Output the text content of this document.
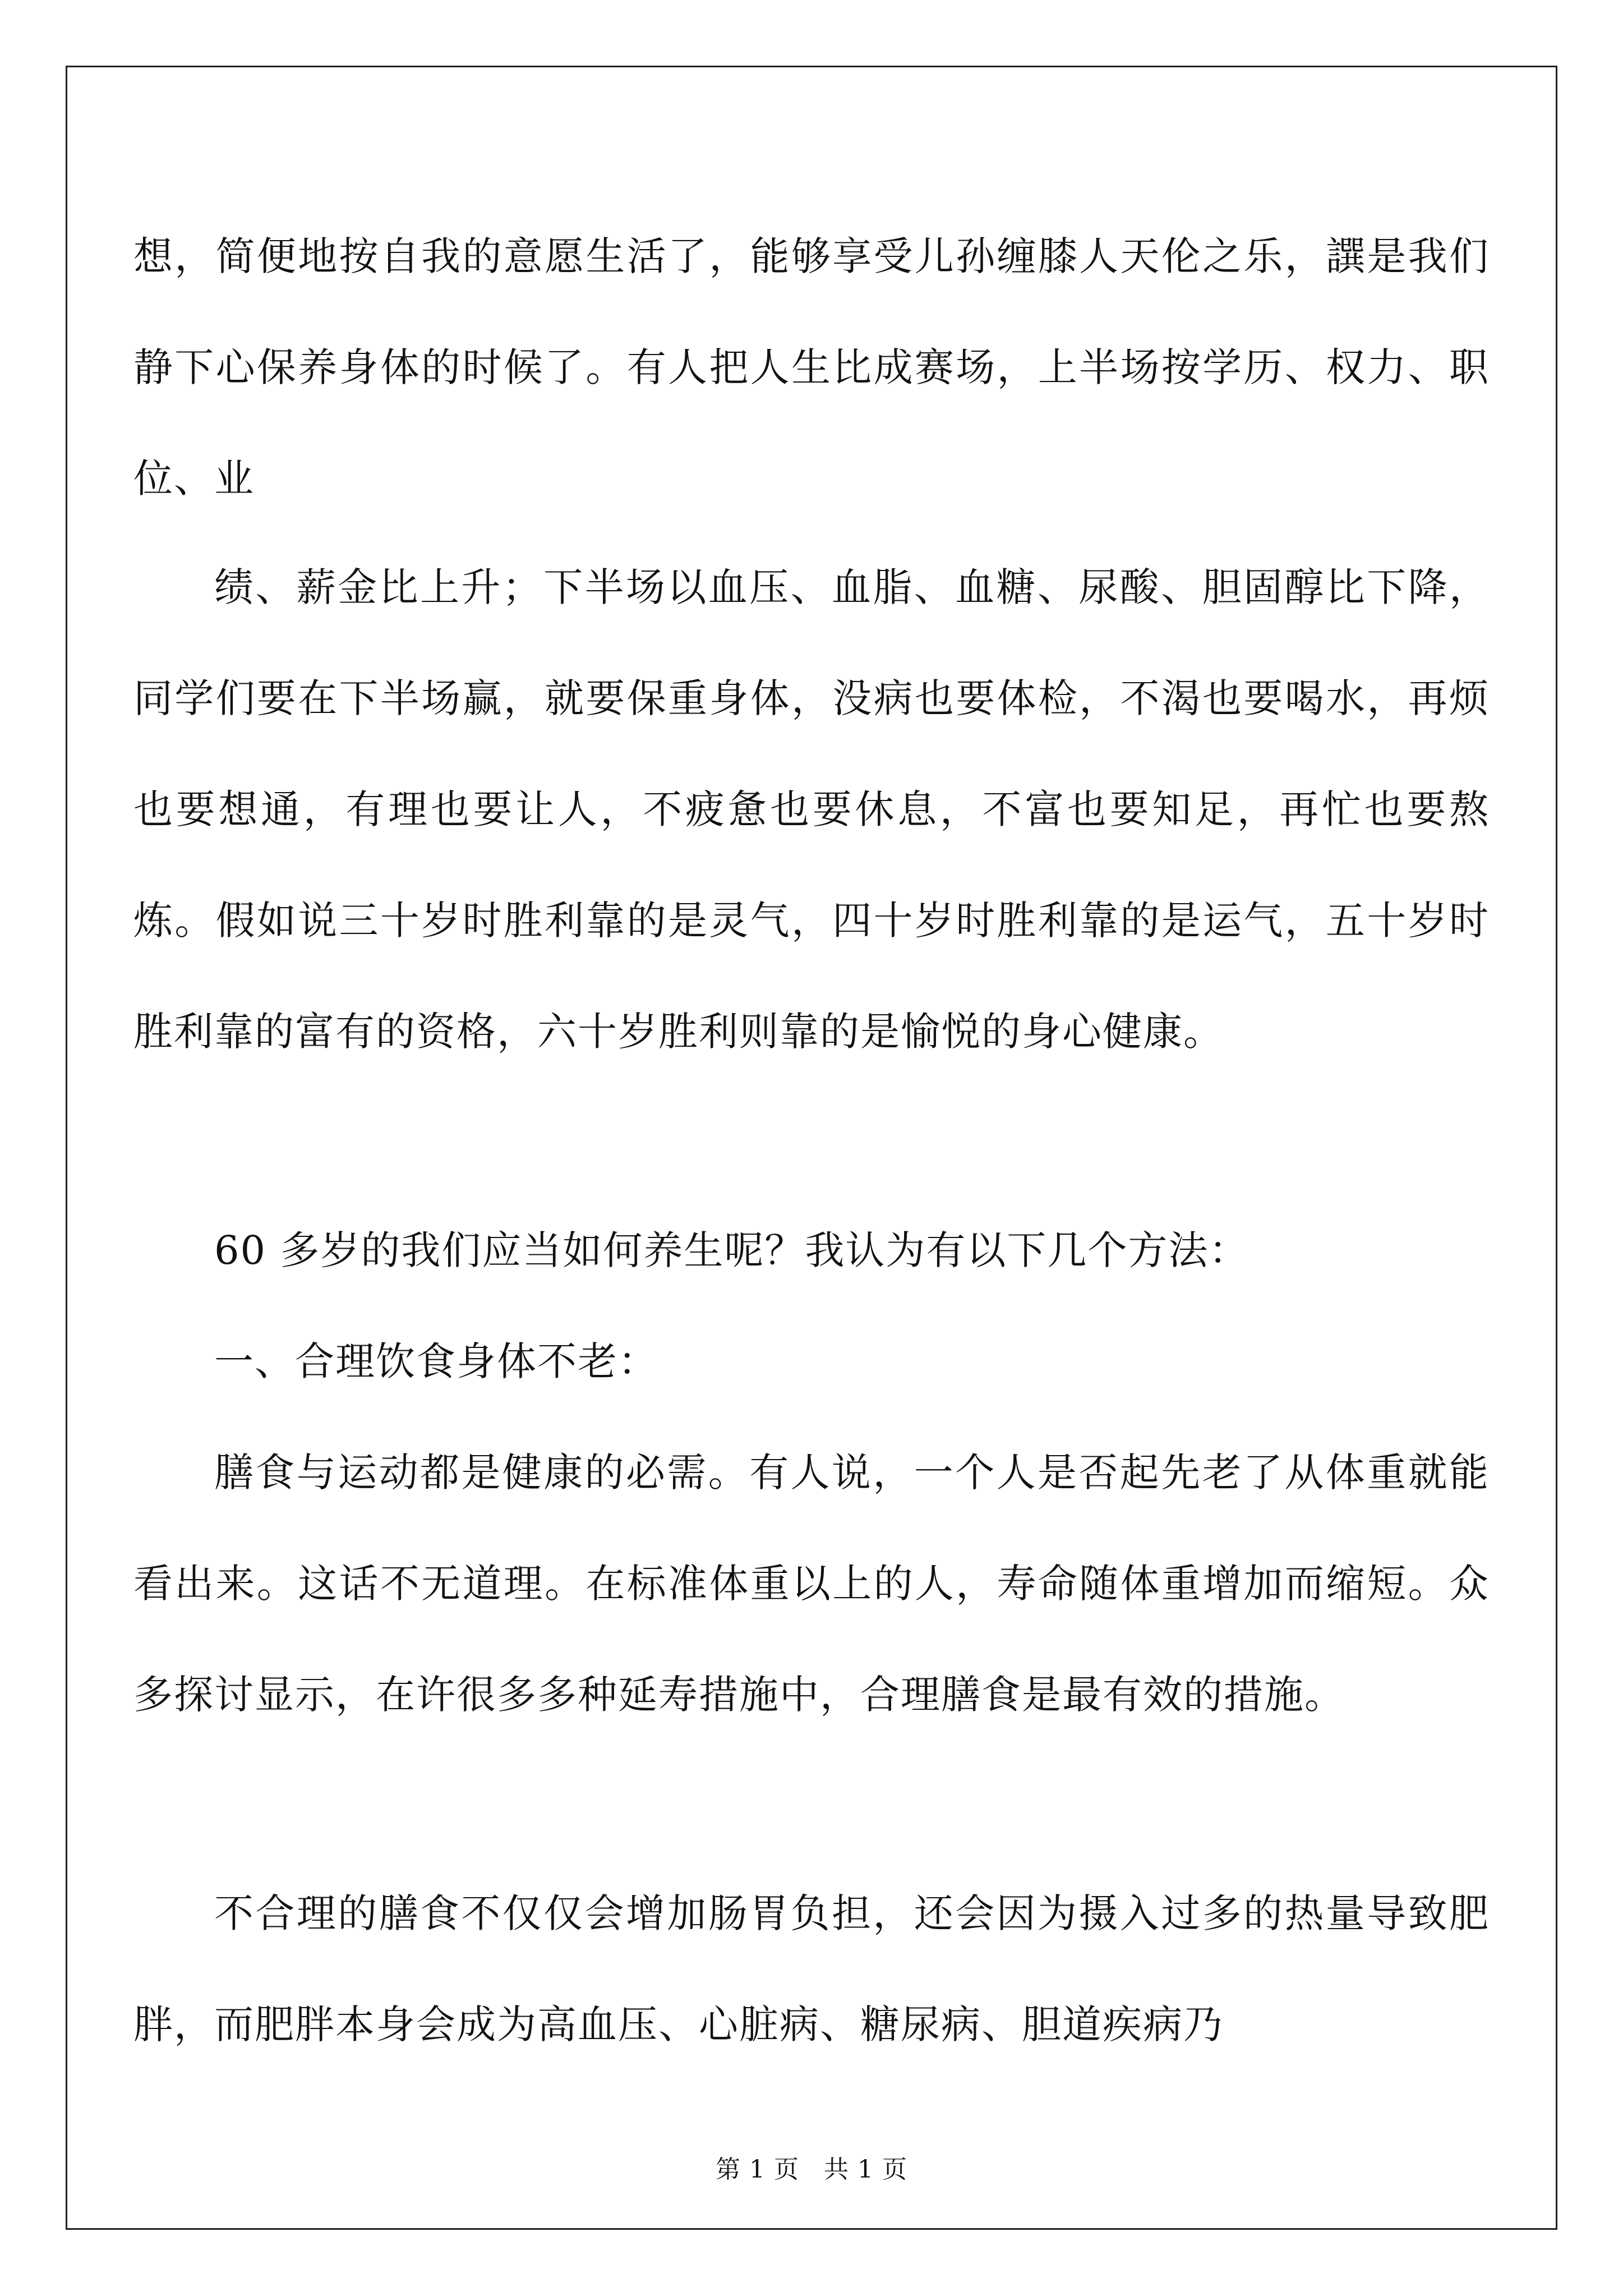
想，简便地按自我的意愿生活了，能够享受儿孙缠膝人天伦之乐，譔是我们静下心保养身体的时候了。有人把人生比成赛场，上半场按学历、权力、职位、业

绩、薪金比上升；下半场以血压、血脂、血糖、尿酸、胆固醇比下降，同学们要在下半场赢，就要保重身体，没病也要体检，不渴也要喝水，再烦也要想通，有理也要让人，不疲惫也要休息，不富也要知足，再忙也要熬炼。假如说三十岁时胜利靠的是灵气，四十岁时胜利靠的是运气，五十岁时胜利靠的富有的资格，六十岁胜利则靠的是愉悦的身心健康。

60 多岁的我们应当如何养生呢？我认为有以下几个方法：

一、合理饮食身体不老：

膳食与运动都是健康的必需。有人说，一个人是否起先老了从体重就能看出来。这话不无道理。在标准体重以上的人，寿命随体重增加而缩短。众多探讨显示，在许很多多种延寿措施中，合理膳食是最有效的措施。

不合理的膳食不仅仅会增加肠胃负担，还会因为摄入过多的热量导致肥胖，而肥胖本身会成为高血压、心脏病、糖尿病、胆道疾病乃

第 1 页 共 1 页
